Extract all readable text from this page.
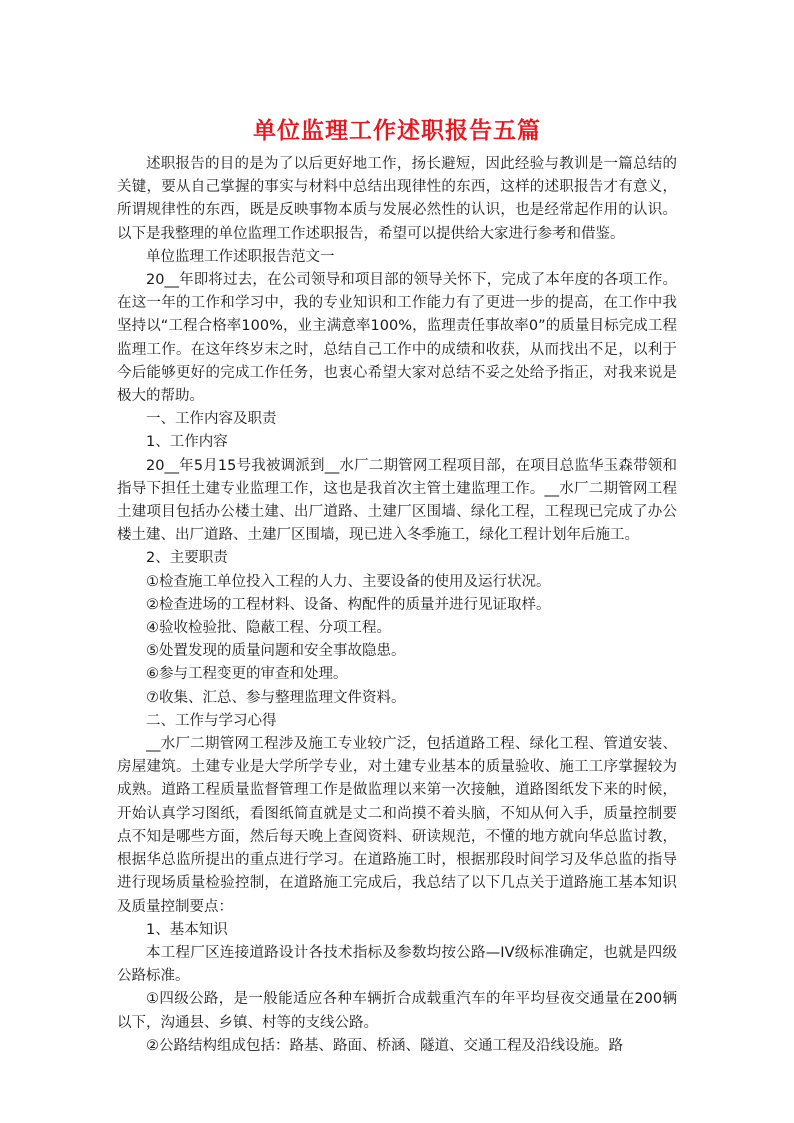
单位监理工作述职报告五篇

述职报告的目的是为了以后更好地工作，扬长避短，因此经验与教训是一篇总结的关键，要从自己掌握的事实与材料中总结出现律性的东西，这样的述职报告才有意义，所谓规律性的东西，既是反映事物本质与发展必然性的认识，也是经常起作用的认识。以下是我整理的单位监理工作述职报告，希望可以提供给大家进行参考和借鉴。

单位监理工作述职报告范文一

20__年即将过去，在公司领导和项目部的领导关怀下，完成了本年度的各项工作。在这一年的工作和学习中，我的专业知识和工作能力有了更进一步的提高，在工作中我坚持以“工程合格率100%，业主满意率100%，监理责任事故率0”的质量目标完成工程监理工作。在这年终岁末之时，总结自己工作中的成绩和收获，从而找出不足，以利于今后能够更好的完成工作任务，也衷心希望大家对总结不妥之处给予指正，对我来说是极大的帮助。

一、工作内容及职责

1、工作内容

20__年5月15号我被调派到__水厂二期管网工程项目部，在项目总监华玉森带领和指导下担任土建专业监理工作，这也是我首次主管土建监理工作。__水厂二期管网工程土建项目包括办公楼土建、出厂道路、土建厂区围墙、绿化工程，工程现已完成了办公楼土建、出厂道路、土建厂区围墙，现已进入冬季施工，绿化工程计划年后施工。

2、主要职责

①检查施工单位投入工程的人力、主要设备的使用及运行状况。

②检查进场的工程材料、设备、构配件的质量并进行见证取样。

④验收检验批、隐蔽工程、分项工程。

⑤处置发现的质量问题和安全事故隐患。

⑥参与工程变更的审查和处理。

⑦收集、汇总、参与整理监理文件资料。

二、工作与学习心得

__水厂二期管网工程涉及施工专业较广泛，包括道路工程、绿化工程、管道安装、房屋建筑。土建专业是大学所学专业，对土建专业基本的质量验收、施工工序掌握较为成熟。道路工程质量监督管理工作是做监理以来第一次接触，道路图纸发下来的时候，开始认真学习图纸，看图纸简直就是丈二和尚摸不着头脑，不知从何入手，质量控制要点不知是哪些方面，然后每天晚上查阅资料、研读规范，不懂的地方就向华总监讨教，根据华总监所提出的重点进行学习。在道路施工时，根据那段时间学习及华总监的指导进行现场质量检验控制，在道路施工完成后，我总结了以下几点关于道路施工基本知识及质量控制要点：

1、基本知识

本工程厂区连接道路设计各技术指标及参数均按公路—IV级标准确定，也就是四级公路标准。

①四级公路，是一般能适应各种车辆折合成载重汽车的年平均昼夜交通量在200辆以下，沟通县、乡镇、村等的支线公路。

②公路结构组成包括：路基、路面、桥涵、隧道、交通工程及沿线设施。路
